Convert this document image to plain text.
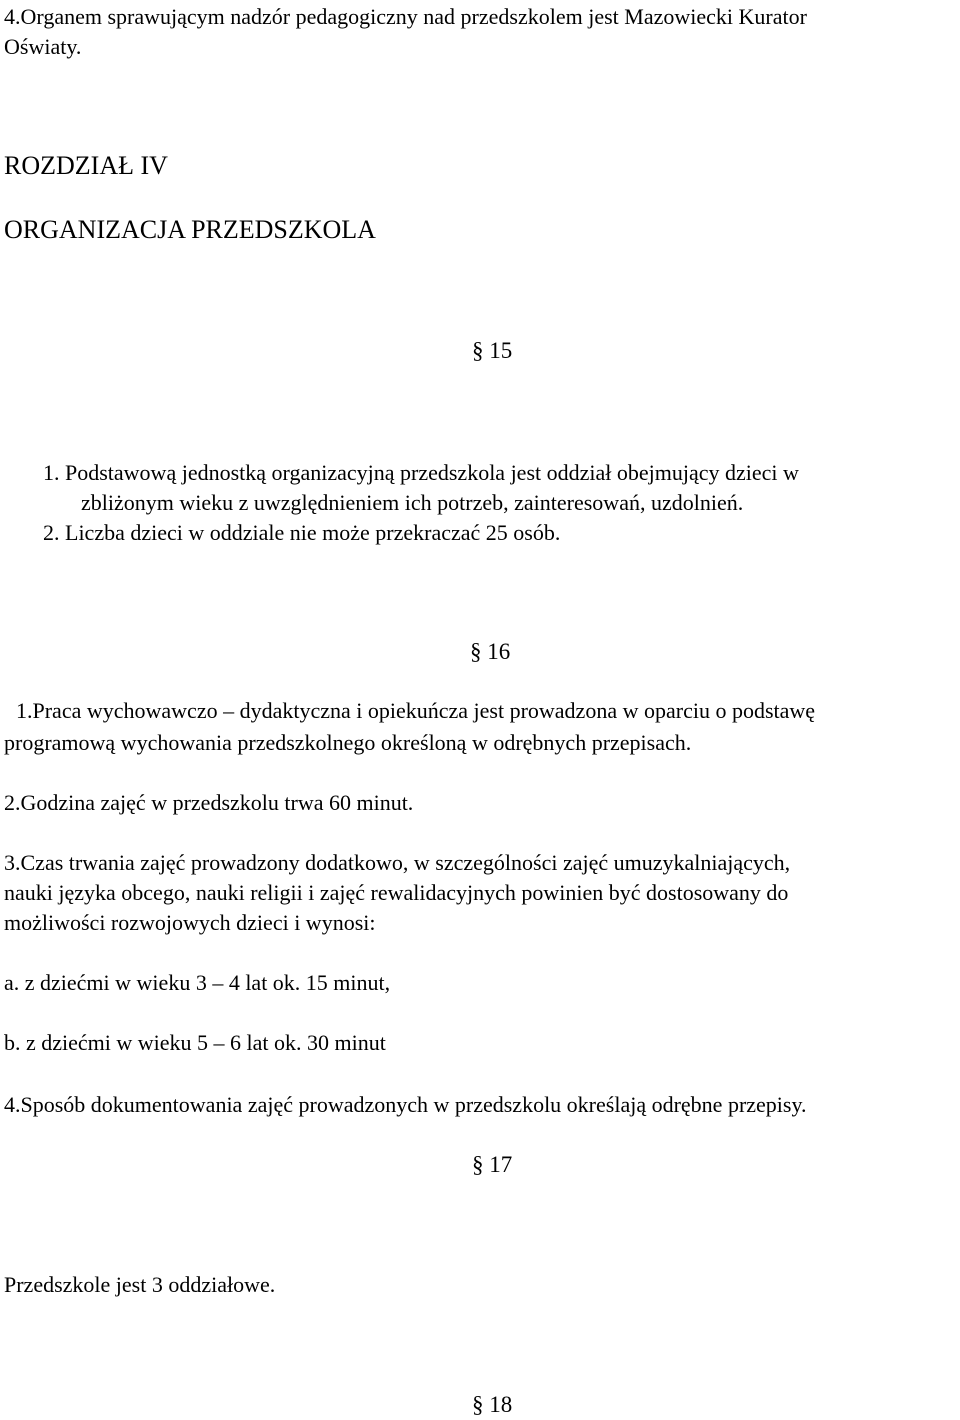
4.Organem sprawującym nadzór pedagogiczny nad przedszkolem jest Mazowiecki Kurator

Oświaty.

ROZDZIAŁ IV

ORGANIZACJA PRZEDSZKOLA

§ 15

1. Podstawową jednostką organizacyjną przedszkola jest oddział obejmujący dzieci w

zbliżonym wieku z uwzględnieniem ich potrzeb, zainteresowań, uzdolnień.

2. Liczba dzieci w oddziale nie może przekraczać 25 osób.

§ 16

1.Praca wychowawczo – dydaktyczna i opiekuńcza jest prowadzona w oparciu o podstawę

programową wychowania przedszkolnego określoną w odrębnych przepisach.

2.Godzina zajęć w przedszkolu trwa 60 minut.

3.Czas trwania zajęć prowadzony dodatkowo, w szczególności zajęć umuzykalniających,

nauki języka obcego, nauki religii i zajęć rewalidacyjnych powinien być dostosowany do

możliwości rozwojowych dzieci i wynosi:

a. z dziećmi w wieku 3 – 4 lat ok. 15 minut,

b. z dziećmi w wieku 5 – 6 lat ok. 30 minut

4.Sposób dokumentowania zajęć prowadzonych w przedszkolu określają odrębne przepisy.

§ 17

Przedszkole jest 3 oddziałowe.

§ 18
